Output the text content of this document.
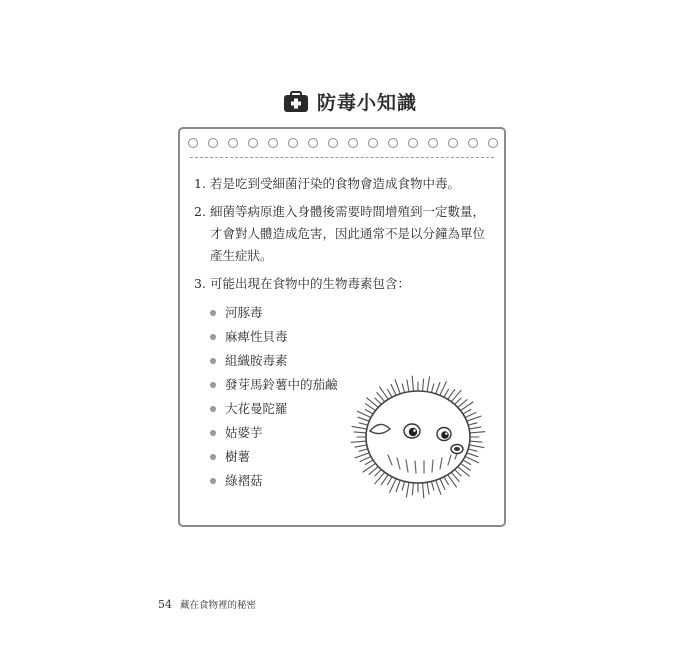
防毒小知識
1. 若是吃到受細菌汙染的食物會造成食物中毒。
2. 細菌等病原進入身體後需要時間增殖到一定數量，才會對人體造成危害，因此通常不是以分鐘為單位產生症狀。
3. 可能出現在食物中的生物毒素包含：
河豚毒
麻痺性貝毒
組織胺毒素
發芽馬鈴薯中的茄鹼
大花曼陀羅
姑婆芋
樹薯
綠褶菇
54 藏在食物裡的秘密
